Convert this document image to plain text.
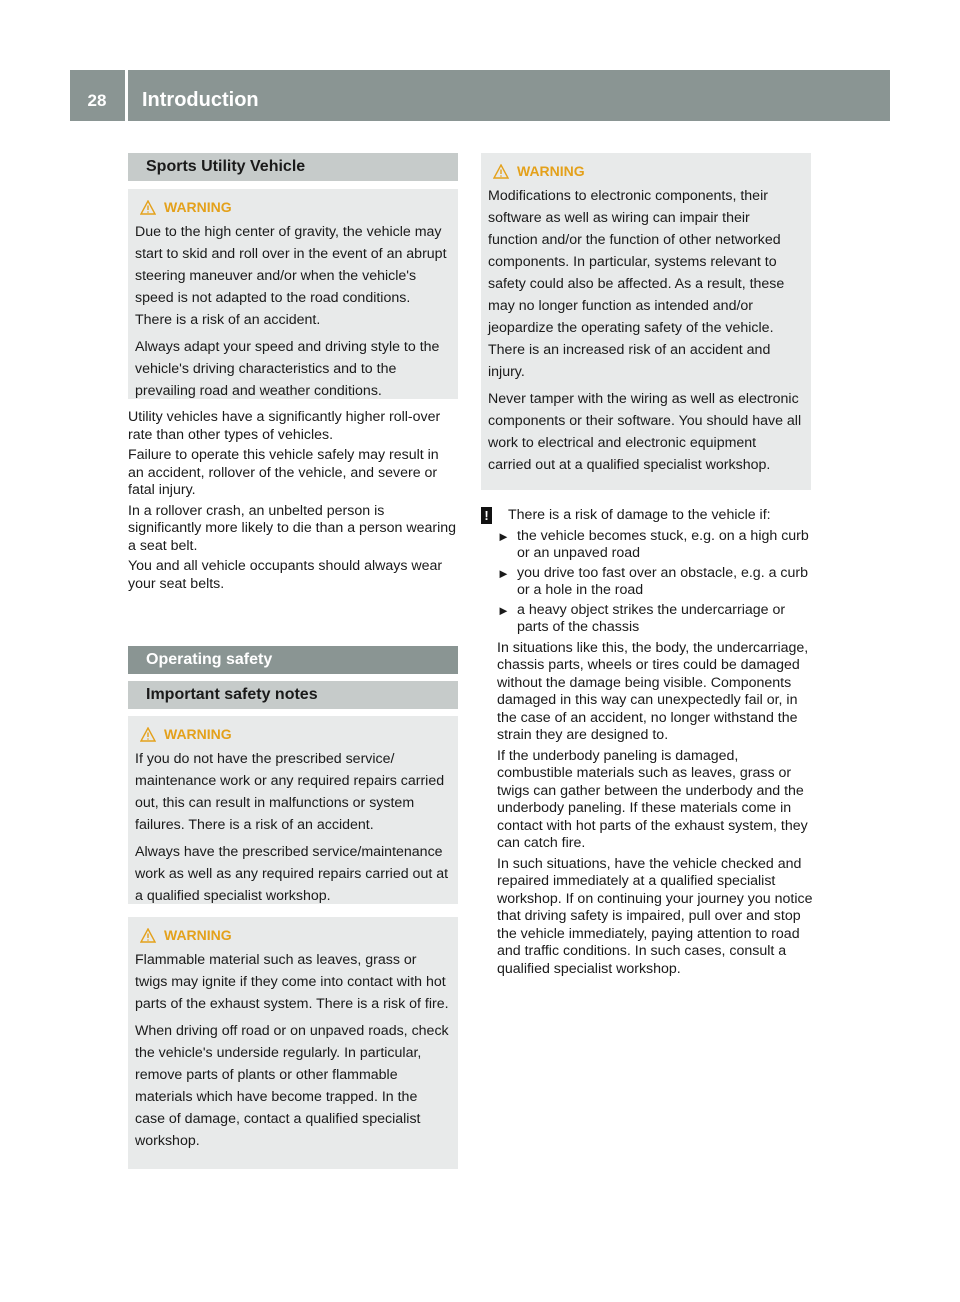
28	Introduction
Sports Utility Vehicle
WARNING

Due to the high center of gravity, the vehicle may start to skid and roll over in the event of an abrupt steering maneuver and/or when the vehicle's speed is not adapted to the road conditions. There is a risk of an accident.

Always adapt your speed and driving style to the vehicle's driving characteristics and to the prevailing road and weather conditions.

Utility vehicles have a significantly higher roll-over rate than other types of vehicles.

Failure to operate this vehicle safely may result in an accident, rollover of the vehicle, and severe or fatal injury.

In a rollover crash, an unbelted person is significantly more likely to die than a person wearing a seat belt.

You and all vehicle occupants should always wear your seat belts.

Operating safety
Important safety notes
WARNING

If you do not have the prescribed service/ maintenance work or any required repairs carried out, this can result in malfunctions or system failures. There is a risk of an accident.

Always have the prescribed service/maintenance work as well as any required repairs carried out at a qualified specialist workshop.

WARNING

Flammable material such as leaves, grass or twigs may ignite if they come into contact with hot parts of the exhaust system. There is a risk of fire.

When driving off road or on unpaved roads, check the vehicle's underside regularly. In particular, remove parts of plants or other flammable materials which have become trapped. In the case of damage, contact a qualified specialist workshop.

WARNING

Modifications to electronic components, their software as well as wiring can impair their function and/or the function of other networked components. In particular, systems relevant to safety could also be affected. As a result, these may no longer function as intended and/or jeopardize the operating safety of the vehicle. There is an increased risk of an accident and injury.

Never tamper with the wiring as well as electronic components or their software. You should have all work to electrical and electronic equipment carried out at a qualified specialist workshop.

! There is a risk of damage to the vehicle if:
► the vehicle becomes stuck, e.g. on a high curb or an unpaved road
► you drive too fast over an obstacle, e.g. a curb or a hole in the road
► a heavy object strikes the undercarriage or parts of the chassis

In situations like this, the body, the undercarriage, chassis parts, wheels or tires could be damaged without the damage being visible. Components damaged in this way can unexpectedly fail or, in the case of an accident, no longer withstand the strain they are designed to.

If the underbody paneling is damaged, combustible materials such as leaves, grass or twigs can gather between the underbody and the underbody paneling. If these materials come in contact with hot parts of the exhaust system, they can catch fire.

In such situations, have the vehicle checked and repaired immediately at a qualified specialist workshop. If on continuing your journey you notice that driving safety is impaired, pull over and stop the vehicle immediately, paying attention to road and traffic conditions. In such cases, consult a qualified specialist workshop.
